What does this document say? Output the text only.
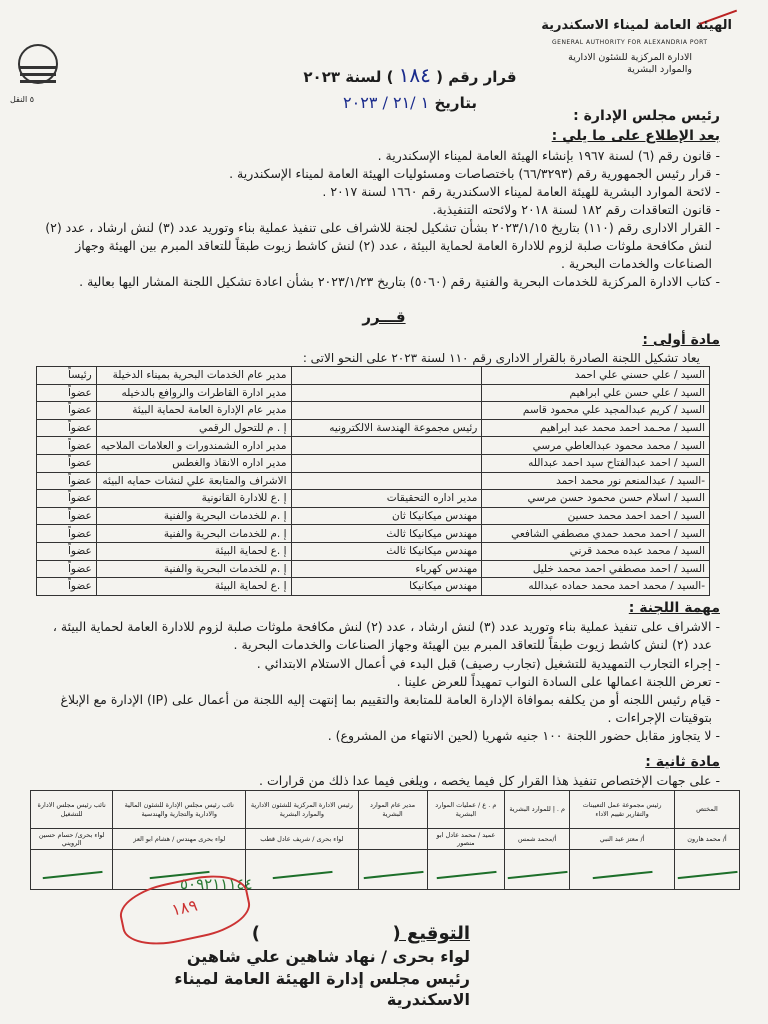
الهيئة العامة لميناء الاسكندرية
GENERAL AUTHORITY FOR ALEXANDRIA PORT
الادارة المركزية للشئون الادارية
والموارد البشرية
٥ النقل
قرار رقم ( ١٨٤ ) لسنة ٢٠٢٣
بتاريخ ١ /٢١ / ٢٠٢٣
رئيس مجلس الإدارة :
بعد الإطلاع على ما يلي :
- قانون رقم (٦) لسنة ١٩٦٧ بإنشاء الهيئة العامة لميناء الإسكندرية .
- قرار رئيس الجمهورية رقم (٦٦/٣٢٩٣) باختصاصات ومسئوليات الهيئة العامة لميناء الإسكندرية .
- لائحة الموارد البشرية للهيئة العامة لميناء الاسكندرية رقم ١٦٦٠ لسنة ٢٠١٧ .
- قانون التعاقدات رقم ١٨٢ لسنة ٢٠١٨ ولائحته التنفيذية.
- القرار الادارى رقم (١١٠) بتاريخ ٢٠٢٣/١/١٥ بشأن تشكيل لجنة للاشراف على تنفيذ عملية بناء وتوريد عدد (٣) لنش ارشاد ، عدد (٢) لنش مكافحة ملوثات صلبة لزوم للادارة العامة لحماية البيئة ، عدد (٢) لنش كاشط زيوت طبقاً للتعاقد المبرم بين الهيئة وجهاز الصناعات والخدمات البحرية .
- كتاب الادارة المركزية للخدمات البحرية والفنية رقم (٥٠٦٠) بتاريخ ٢٠٢٣/١/٢٣ بشأن اعادة تشكيل اللجنة المشار اليها بعالية .
قـــرر
مادة أولى :
يعاد تشكيل اللجنة الصادرة بالقرار الادارى رقم ١١٠ لسنة ٢٠٢٣ على النحو الاتى :
السيد / علي حسني علي احمد		مدير عام الخدمات البحرية بميناء الدخيلة	رئيساً
السيد / علي حسن علي ابراهيم		مدير ادارة القاطرات والروافع بالدخيله	عضواً
السيد / كريم عبدالمجيد علي محمود قاسم		مدير عام الإدارة العامة لحماية البيئة	عضواً
السيد / محـمد احمد محمد عبد ابراهيم	رئيس مجموعة الهندسة الالكترونيه	إ . م للتحول الرقمي	عضواً
السيد / محمد محمود عبدالعاطي مرسي		مدير اداره الشمندورات و العلامات الملاحيه	عضواً
السيد / احمد عبدالفتاح سيد احمد عبدالله		مدير اداره الانقاذ والغطس	عضواً
-السيد / عبدالمنعم نور محمد احمد		الاشراف والمتابعة علي لنشات حمايه البيئه	عضواً
السيد / اسلام حسن محمود حسن مرسي	مدير اداره التحقيقات	إ .ع للادارة القانونية	عضواً
السيد / احمد احمد محمد حسين	مهندس ميكانيكا ثان	إ .م للخدمات البحرية والفنية	عضواً
السيد / احمد محمد حمدي مصطفي الشافعي	مهندس ميكانيكا ثالث	إ .م للخدمات البحرية والفنية	عضواً
السيد / محمد عبده محمد قرني	مهندس ميكانيكا ثالث	إ .ع لحماية البيئة	عضواً
السيد / احمد مصطفي احمد محمد خليل	مهندس كهرباء	إ .م للخدمات البحرية والفنية	عضواً
-السيد / محمد احمد محمد حماده عبدالله	مهندس ميكانيكا	إ .ع لحماية البيئة	عضواً
مهمة اللجنة :
- الاشراف على تنفيذ عملية بناء وتوريد عدد (٣) لنش ارشاد ، عدد (٢) لنش مكافحة ملوثات صلبة لزوم للادارة العامة لحماية البيئة ، عدد (٢) لنش كاشط زيوت طبقاً للتعاقد المبرم بين الهيئة وجهاز الصناعات والخدمات البحرية .
- إجراء التجارب التمهيدية للتشغيل (تجارب رصيف) قبل البدء في أعمال الاستلام الابتدائي .
- تعرض اللجنة اعمالها على السادة النواب تمهيداً للعرض علينا .
- قيام رئيس اللجنه أو من يكلفه بموافاة الإدارة العامة للمتابعة والتقييم بما إنتهت إليه اللجنة من أعمال على (IP) الإدارة مع الإبلاغ بتوقيتات الإجراءات .
- لا يتجاوز مقابل حضور اللجنة ١٠٠ جنيه شهريا (لحين الانتهاء من المشروع) .
مادة ثانية :
- على جهات الإختصاص تنفيذ هذا القرار كل فيما يخصه ، ويلغى فيما عدا ذلك من قرارات .
المختص	رئيس مجموعة عمل التعيينات والتقارير تقييم الاداء	م . إ للموارد البشرية	م . ع / عمليات الموارد البشرية	مدير عام الموارد البشرية	رئيس الادارة المركزية للشئون الادارية والموارد البشرية	نائب رئيس مجلس الإدارة للشئون المالية والادارية والتجارية والهندسية	نائب رئيس مجلس الادارة للتشغيل
أ/ محمد هارون	أ/ معتز عبد النبي	أ/محمد شمس	عميد / محمد عادل ابو منصور		لواء بحرى / شريف عادل قطب	لواء بحرى مهندس / هشام ابو العز	لواء بحرى/ حسام حسين الرويني

٥٠٩٢١١١٤٤
١٨٩
التوقيع (  )
لواء بحرى / نهاد شاهين علي شاهين
رئيس مجلس إدارة الهيئة العامة لميناء الاسكندرية
